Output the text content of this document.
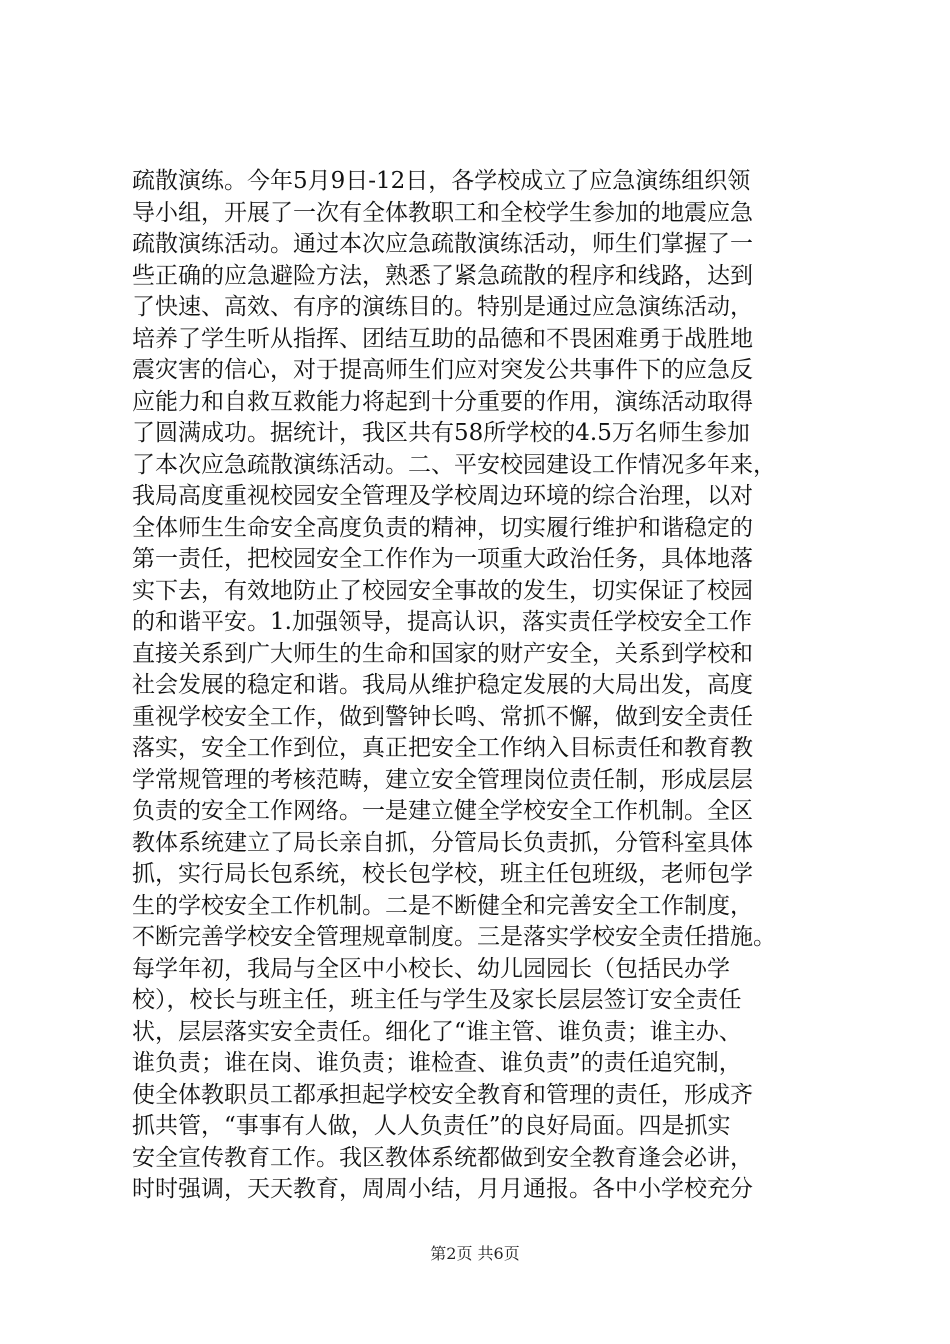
疏散演练。今年5月9日-12日，各学校成立了应急演练组织领
导小组，开展了一次有全体教职工和全校学生参加的地震应急
疏散演练活动。通过本次应急疏散演练活动，师生们掌握了一
些正确的应急避险方法，熟悉了紧急疏散的程序和线路，达到
了快速、高效、有序的演练目的。特别是通过应急演练活动，
培养了学生听从指挥、团结互助的品德和不畏困难勇于战胜地
震灾害的信心，对于提高师生们应对突发公共事件下的应急反
应能力和自救互救能力将起到十分重要的作用，演练活动取得
了圆满成功。据统计，我区共有58所学校的4.5万名师生参加
了本次应急疏散演练活动。二、平安校园建设工作情况多年来，
我局高度重视校园安全管理及学校周边环境的综合治理，以对
全体师生生命安全高度负责的精神，切实履行维护和谐稳定的
第一责任，把校园安全工作作为一项重大政治任务，具体地落
实下去，有效地防止了校园安全事故的发生，切实保证了校园
的和谐平安。1.加强领导，提高认识，落实责任学校安全工作
直接关系到广大师生的生命和国家的财产安全，关系到学校和
社会发展的稳定和谐。我局从维护稳定发展的大局出发，高度
重视学校安全工作，做到警钟长鸣、常抓不懈，做到安全责任
落实，安全工作到位，真正把安全工作纳入目标责任和教育教
学常规管理的考核范畴，建立安全管理岗位责任制，形成层层
负责的安全工作网络。一是建立健全学校安全工作机制。全区
教体系统建立了局长亲自抓，分管局长负责抓，分管科室具体
抓，实行局长包系统，校长包学校，班主任包班级，老师包学
生的学校安全工作机制。二是不断健全和完善安全工作制度，
不断完善学校安全管理规章制度。三是落实学校安全责任措施。
每学年初，我局与全区中小校长、幼儿园园长（包括民办学
校），校长与班主任，班主任与学生及家长层层签订安全责任
状，层层落实安全责任。细化了“谁主管、谁负责；谁主办、
谁负责；谁在岗、谁负责；谁检查、谁负责”的责任追究制，
使全体教职员工都承担起学校安全教育和管理的责任，形成齐
抓共管，“事事有人做，人人负责任”的良好局面。四是抓实
安全宣传教育工作。我区教体系统都做到安全教育逢会必讲，
时时强调，天天教育，周周小结，月月通报。各中小学校充分
第2页 共6页
